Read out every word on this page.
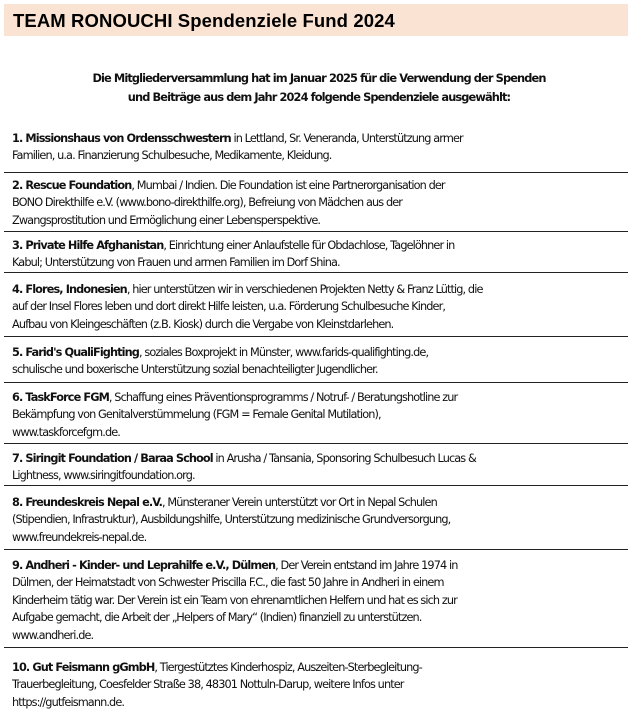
TEAM RONOUCHI Spendenziele Fund 2024
Die Mitgliederversammlung hat im Januar 2025 für die Verwendung der Spenden
und Beiträge aus dem Jahr 2024 folgende Spendenziele ausgewählt:
1. Missionshaus von Ordensschwestern in Lettland, Sr. Veneranda, Unterstützung armer
Familien, u.a. Finanzierung Schulbesuche, Medikamente, Kleidung.
2. Rescue Foundation, Mumbai / Indien. Die Foundation ist eine Partnerorganisation der
BONO Direkthilfe e.V. (www.bono-direkthilfe.org), Befreiung von Mädchen aus der
Zwangsprostitution und Ermöglichung einer Lebensperspektive.
3. Private Hilfe Afghanistan, Einrichtung einer Anlaufstelle für Obdachlose, Tagelöhner in
Kabul; Unterstützung von Frauen und armen Familien im Dorf Shina.
4. Flores, Indonesien, hier unterstützen wir in verschiedenen Projekten Netty & Franz Lüttig, die
auf der Insel Flores leben und dort direkt Hilfe leisten, u.a. Förderung Schulbesuche Kinder,
Aufbau von Kleingeschäften (z.B. Kiosk) durch die Vergabe von Kleinstdarlehen.
5. Farid's QualiFighting, soziales Boxprojekt in Münster, www.farids-qualifighting.de,
schulische und boxerische Unterstützung sozial benachteiligter Jugendlicher.
6. TaskForce FGM, Schaffung eines Präventionsprogramms / Notruf- / Beratungshotline zur
Bekämpfung von Genitalverstümmelung (FGM = Female Genital Mutilation),
www.taskforcefgm.de.
7. Siringit Foundation / Baraa School in Arusha / Tansania, Sponsoring Schulbesuch Lucas &
Lightness, www.siringitfoundation.org.
8. Freundeskreis Nepal e.V., Münsteraner Verein unterstützt vor Ort in Nepal Schulen
(Stipendien, Infrastruktur), Ausbildungshilfe, Unterstützung medizinische Grundversorgung,
www.freundekreis-nepal.de.
9. Andheri - Kinder- und Leprahilfe e.V., Dülmen, Der Verein entstand im Jahre 1974 in
Dülmen, der Heimatstadt von Schwester Priscilla F.C., die fast 50 Jahre in Andheri in einem
Kinderheim tätig war. Der Verein ist ein Team von ehrenamtlichen Helfern und hat es sich zur
Aufgabe gemacht, die Arbeit der „Helpers of Mary“ (Indien) finanziell zu unterstützen.
www.andheri.de.
10. Gut Feismann gGmbH, Tiergestütztes Kinderhospiz, Auszeiten-Sterbegleitung-
Trauerbegleitung, Coesfelder Straße 38, 48301 Nottuln-Darup, weitere Infos unter
https://gutfeismann.de.
